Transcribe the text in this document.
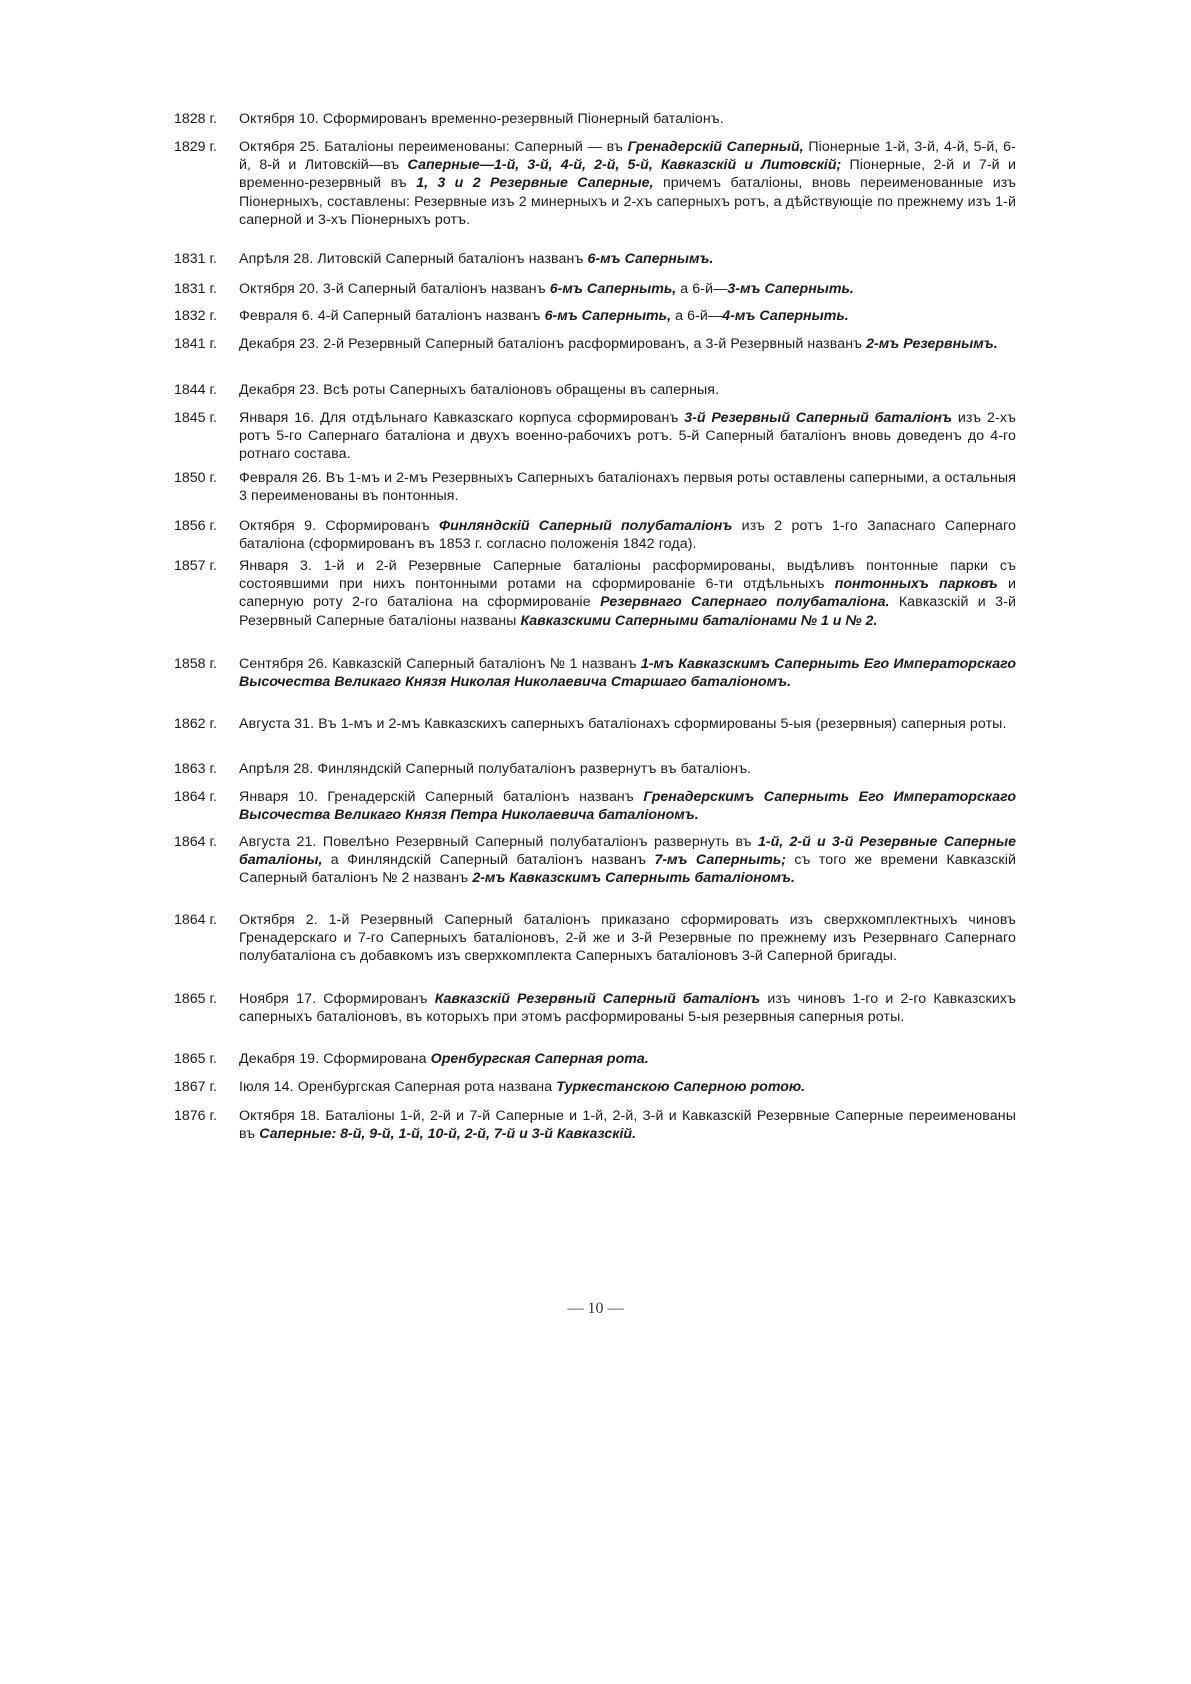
1828 г. Октября 10. Сформированъ временно-резервный Піонерный баталіонъ.
1829 г. Октября 25. Баталіоны переименованы: Саперный — въ Гренадерскій Саперный, Піонерные 1-й, 3-й, 4-й, 5-й, 6-й, 8-й и Литовскій—въ Саперные—1-й, 3-й, 4-й, 2-й, 5-й, Кавказскій и Литовскій; Піонерные, 2-й и 7-й и временно-резервный въ 1, 3 и 2 Резервные Саперные, причемъ баталіоны, вновь переименованные изъ Піонерныхъ, составлены: Резервные изъ 2 минерныхъ и 2-хъ саперныхъ ротъ, а дѣйствующіе по прежнему изъ 1-й саперной и 3-хъ Піонерныхъ ротъ.
1831 г. Апрѣля 28. Литовскій Саперный баталіонъ названъ 6-мъ Сапернымъ.
1831 г. Октября 20. 3-й Саперный баталіонъ названъ 6-мъ Саперныть, а 6-й—3-мъ Саперныть.
1832 г. Февраля 6. 4-й Саперный баталіонъ названъ 6-мъ Саперныть, а 6-й—4-мъ Саперныть.
1841 г. Декабря 23. 2-й Резервный Саперный баталіонъ расформированъ, а 3-й Резервный названъ 2-мъ Резервнымъ.
1844 г. Декабря 23. Всѣ роты Саперныхъ баталіоновъ обращены въ саперныя.
1845 г. Января 16. Для отдѣльнаго Кавказскаго корпуса сформированъ 3-й Резервный Саперный баталіонъ изъ 2-хъ ротъ 5-го Сапернаго баталіона и двухъ военно-рабочихъ ротъ. 5-й Саперный баталіонъ вновь доведенъ до 4-го ротнаго состава.
1850 г. Февраля 26. Въ 1-мъ и 2-мъ Резервныхъ Саперныхъ баталіонахъ первыя роты оставлены саперными, а остальныя 3 переименованы въ понтонныя.
1856 г. Октября 9. Сформированъ Финляндскій Саперный полубаталіонъ изъ 2 ротъ 1-го Запаснаго Сапернаго баталіона (сформированъ въ 1853 г. согласно положенія 1842 года).
1857 г. Января 3. 1-й и 2-й Резервные Саперные баталіоны расформированы, выдѣливъ понтонные парки съ состоявшими при нихъ понтонными ротами на сформированіе 6-ти отдѣльныхъ понтонныхъ парковъ и саперную роту 2-го баталіона на сформированіе Резервнаго Сапернаго полубаталіона. Кавказскій и 3-й Резервный Саперные баталіоны названы Кавказскими Саперными баталіонами № 1 и № 2.
1858 г. Сентября 26. Кавказскій Саперный баталіонъ № 1 названъ 1-мъ Кавказскимъ Саперныть Его Императорскаго Высочества Великаго Князя Николая Николаевича Старшаго баталіономъ.
1862 г. Августа 31. Въ 1-мъ и 2-мъ Кавказскихъ саперныхъ баталіонахъ сформированы 5-ыя (резервныя) саперныя роты.
1863 г. Апрѣля 28. Финляндскій Саперный полубаталіонъ развернутъ въ баталіонъ.
1864 г. Января 10. Гренадерскій Саперный баталіонъ названъ Гренадерскимъ Саперныть Его Императорскаго Высочества Великаго Князя Петра Николаевича баталіономъ.
1864 г. Августа 21. Повелѣно Резервный Саперный полубаталіонъ развернуть въ 1-й, 2-й и 3-й Резервные Саперные баталіоны, а Финляндскій Саперный баталіонъ названъ 7-мъ Саперныть; съ того же времени Кавказскій Саперный баталіонъ № 2 названъ 2-мъ Кавказскимъ Саперныть баталіономъ.
1864 г. Октября 2. 1-й Резервный Саперный баталіонъ приказано сформировать изъ сверхкомплектныхъ чиновъ Гренадерскаго и 7-го Саперныхъ баталіоновъ, 2-й же и 3-й Резервные по прежнему изъ Резервнаго Сапернаго полубаталіона съ добавкомъ изъ сверхкомплекта Саперныхъ баталіоновъ 3-й Саперной бригады.
1865 г. Ноября 17. Сформированъ Кавказскій Резервный Саперный баталіонъ изъ чиновъ 1-го и 2-го Кавказскихъ саперныхъ баталіоновъ, въ которыхъ при этомъ расформированы 5-ыя резервныя саперныя роты.
1865 г. Декабря 19. Сформирована Оренбургская Саперная рота.
1867 г. Іюля 14. Оренбургская Саперная рота названа Туркестанскою Саперною ротою.
1876 г. Октября 18. Баталіоны 1-й, 2-й и 7-й Саперные и 1-й, 2-й, 3-й и Кавказскій Резервные Саперные переименованы въ Саперные: 8-й, 9-й, 1-й, 10-й, 2-й, 7-й и 3-й Кавказскій.
— 10 —
